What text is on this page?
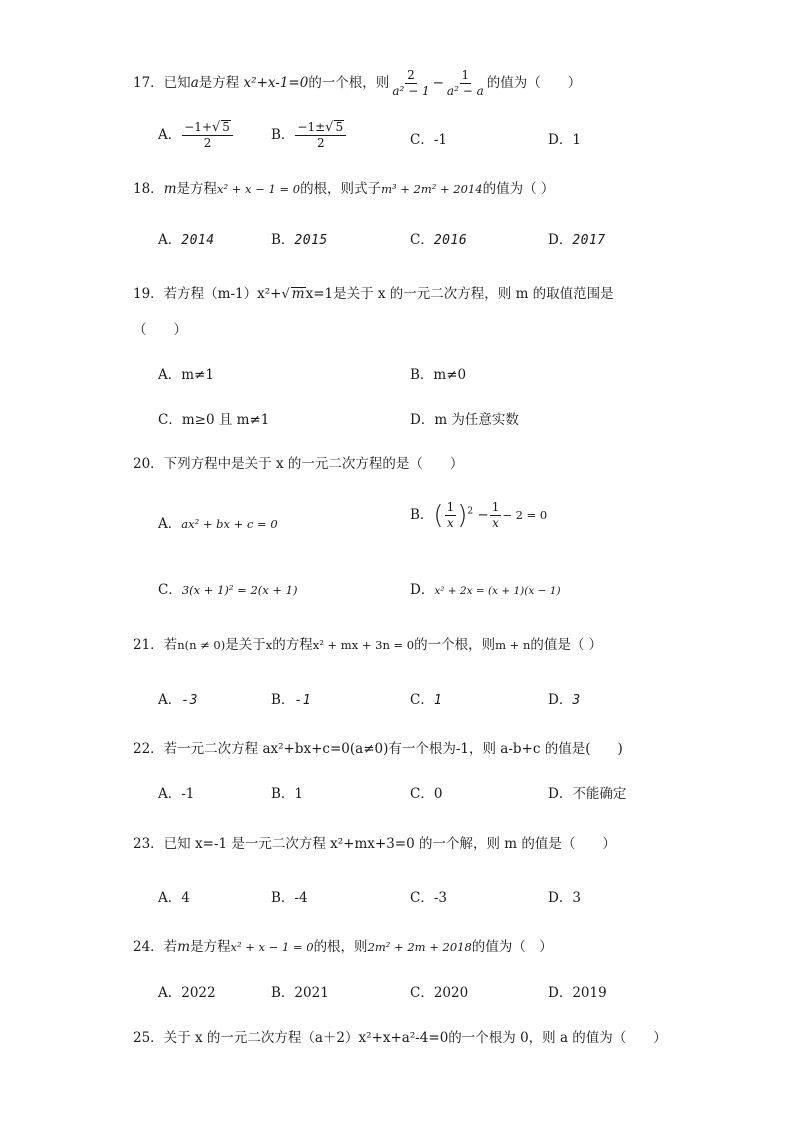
17．已知a是方程 x²+x-1=0的一个根，则 $\frac{2}{\text{a² − 1}} - \frac{1}{\text{a² − a}}$ 的值为（　　）
A． $\frac{-1+√ 5}{2}$	B． $\frac{-1\pm√ 5}{2}$	C．-1	D．1
18．m是方程x² + x − 1 = 0的根，则式子m³ + 2m² + 2014的值为（ ）
A．2014	B．2015	C．2016	D．2017
19．若方程（m-1）x²+√ mx=1是关于 x 的一元二次方程，则 m 的取值范围是
（　　）
A．m≠1	B．m≠0
C．m≥0 且 m≠1	D．m 为任意实数
20．下列方程中是关于 x 的一元二次方程的是（　　）
A．ax² + bx + c = 0
B．( $\frac{1}{x} )^2 - \frac{1}{x} - 2 = 0$
C．3(x + 1)² = 2(x + 1)	D．x² + 2x = (x + 1)(x − 1)
21．若n(n ≠ 0)是关于x的方程x² + mx + 3n = 0的一个根，则m + n的值是（ ）
A．-3	B．-1	C．1	D．3
22．若一元二次方程 ax²+bx+c=0(a≠0)有一个根为-1，则 a-b+c 的值是(　　)
A．-1	B．1	C．0	D．不能确定
23．已知 x=-1 是一元二次方程 x²+mx+3=0 的一个解，则 m 的值是（　　）
A．4	B．-4	C．-3	D．3
24．若m是方程x² + x − 1 = 0的根，则2m² + 2m + 2018的值为（　）
A．2022	B．2021	C．2020	D．2019
25．关于 x 的一元二次方程（a＋2）x²+x+a²-4=0的一个根为 0，则 a 的值为（　　）
